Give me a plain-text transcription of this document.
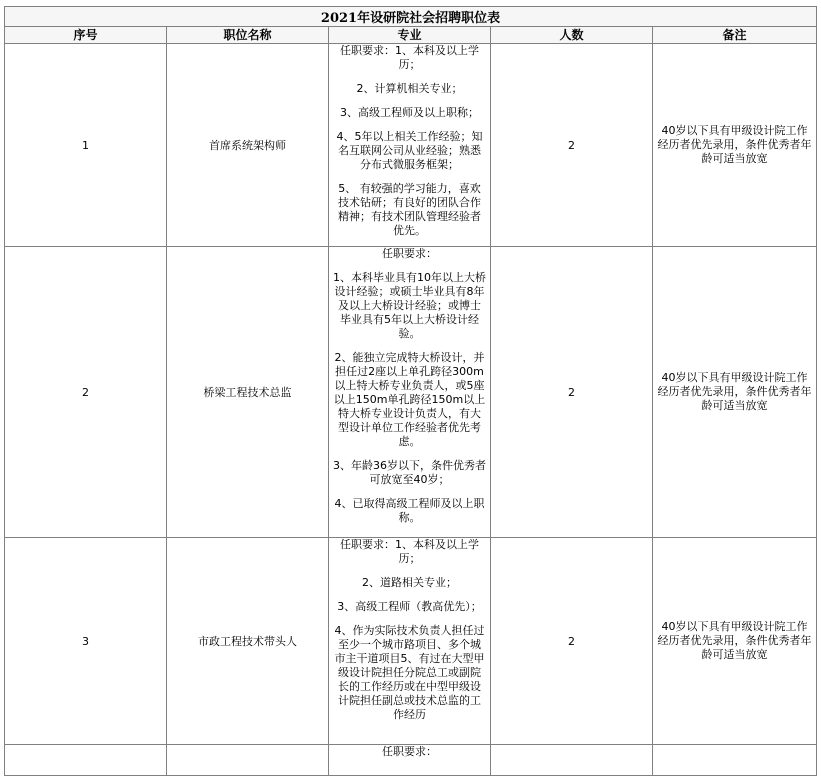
2021年设研院社会招聘职位表				
序号	职位名称	专业	人数	备注
1	首席系统架构师	任职要求：1、本科及以上学历；

2、计算机相关专业；

3、高级工程师及以上职称；

4、5年以上相关工作经验；知名互联网公司从业经验；熟悉分布式微服务框架；

5、 有较强的学习能力，喜欢技术钻研；有良好的团队合作精神；有技术团队管理经验者优先。	2	40岁以下具有甲级设计院工作经历者优先录用，条件优秀者年龄可适当放宽
2	桥梁工程技术总监	任职要求：

1、本科毕业具有10年以上大桥设计经验；或硕士毕业具有8年及以上大桥设计经验；或博士毕业具有5年以上大桥设计经验。

2、能独立完成特大桥设计，并担任过2座以上单孔跨径300m以上特大桥专业负责人，或5座以上150m单孔跨径150m以上特大桥专业设计负责人，有大型设计单位工作经验者优先考虑。

3、年龄36岁以下，条件优秀者可放宽至40岁；

4、已取得高级工程师及以上职称。	2	40岁以下具有甲级设计院工作经历者优先录用，条件优秀者年龄可适当放宽
3	市政工程技术带头人	任职要求：1、本科及以上学历；

2、道路相关专业；

3、高级工程师（教高优先）；

4、作为实际技术负责人担任过至少一个城市路项目、多个城市主干道项目5、有过在大型甲级设计院担任分院总工或副院长的工作经历或在中型甲级设计院担任副总或技术总监的工作经历	2	40岁以下具有甲级设计院工作经历者优先录用，条件优秀者年龄可适当放宽

		任职要求：		
